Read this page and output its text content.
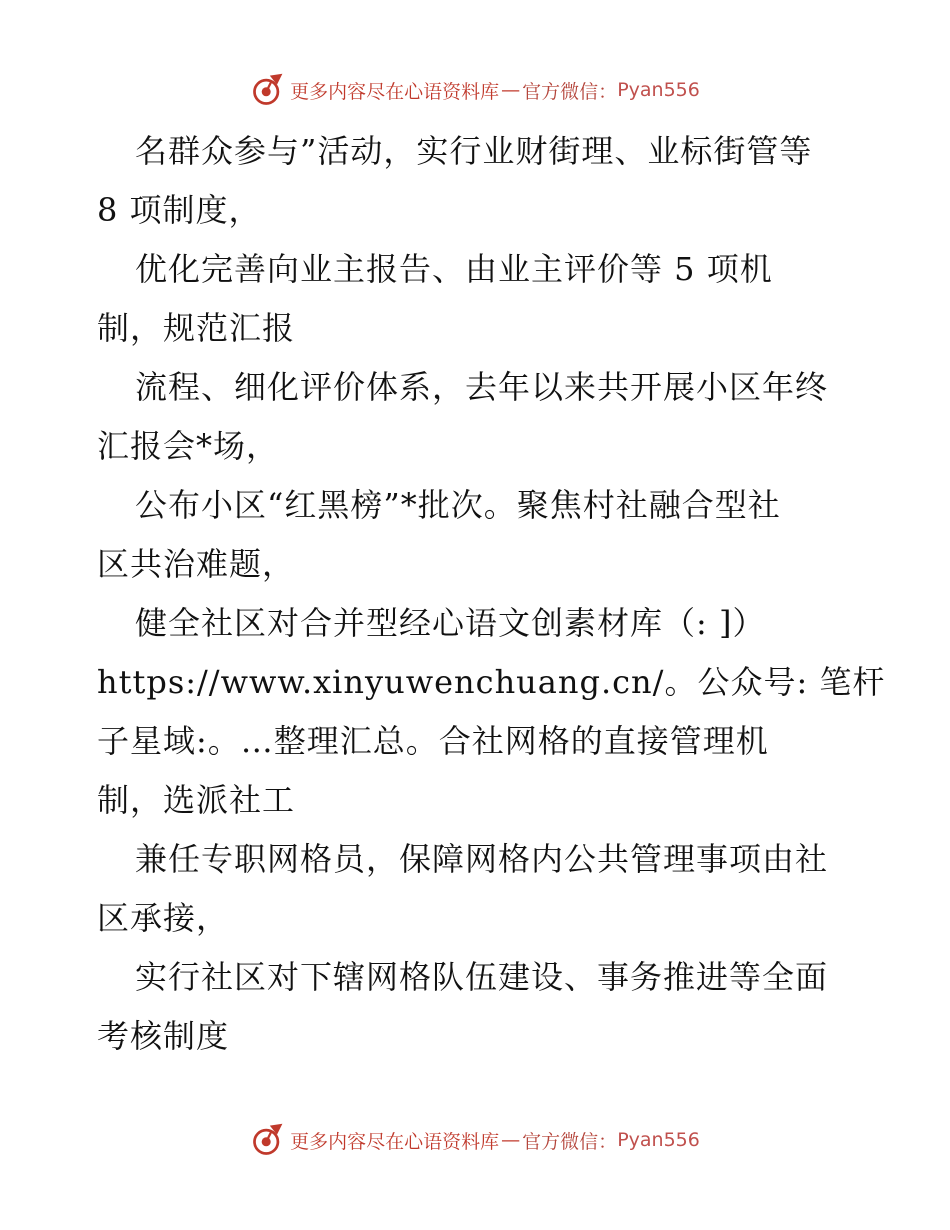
更多内容尽在心语资料库 — 官方微信： Pyan556
名群众参与”活动，实行业财街理、业标街管等
8 项制度，
优化完善向业主报告、由业主评价等 5 项机
制，规范汇报
流程、细化评价体系，去年以来共开展小区年终
汇报会*场，
公布小区“红黑榜”*批次。聚焦村社融合型社
区共治难题，
健全社区对合并型经心语文创素材库（: ]）
https://www.xinyuwenchuang.cn/。公众号: 笔杆
子星域:。…整理汇总。合社网格的直接管理机
制，选派社工
兼任专职网格员，保障网格内公共管理事项由社
区承接，
实行社区对下辖网格队伍建设、事务推进等全面
考核制度
更多内容尽在心语资料库 — 官方微信： Pyan556
